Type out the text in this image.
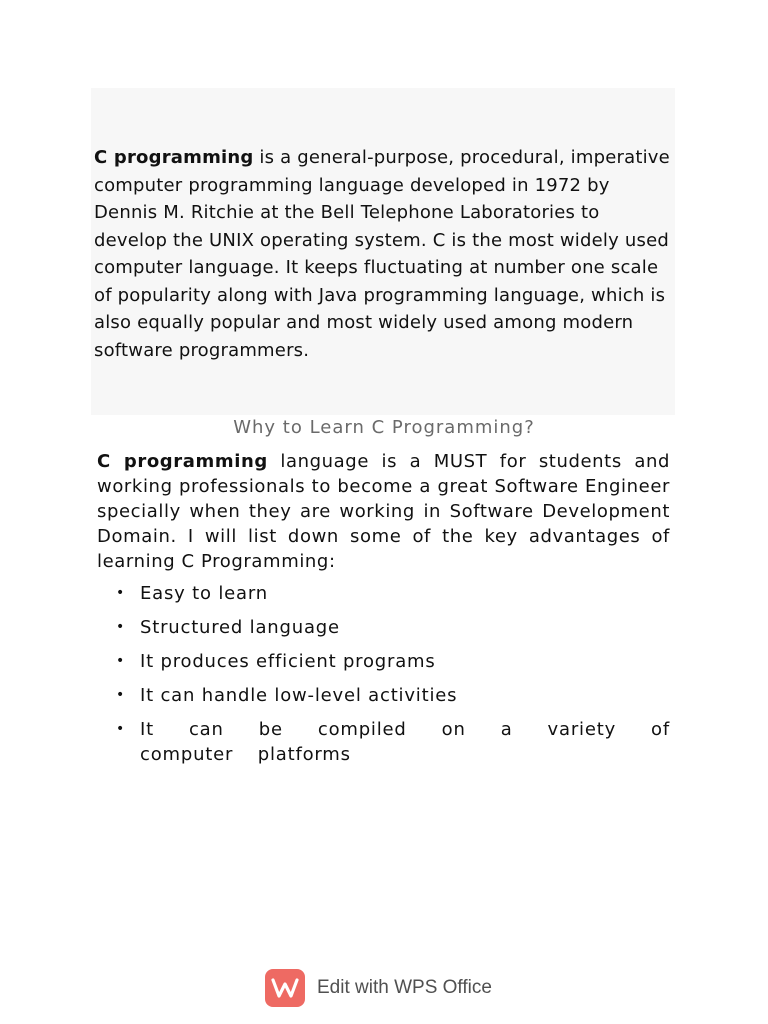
C programming is a general-purpose, procedural, imperative computer programming language developed in 1972 by Dennis M. Ritchie at the Bell Telephone Laboratories to develop the UNIX operating system. C is the most widely used computer language. It keeps fluctuating at number one scale of popularity along with Java programming language, which is also equally popular and most widely used among modern software programmers.

Why to Learn C Programming?

C programming language is a MUST for students and working professionals to become a great Software Engineer specially when they are working in Software Development Domain. I will list down some of the key advantages of learning C Programming:

• Easy to learn
• Structured language
• It produces efficient programs
• It can handle low-level activities
• It can be compiled on a variety of computer platforms
Edit with WPS Office
